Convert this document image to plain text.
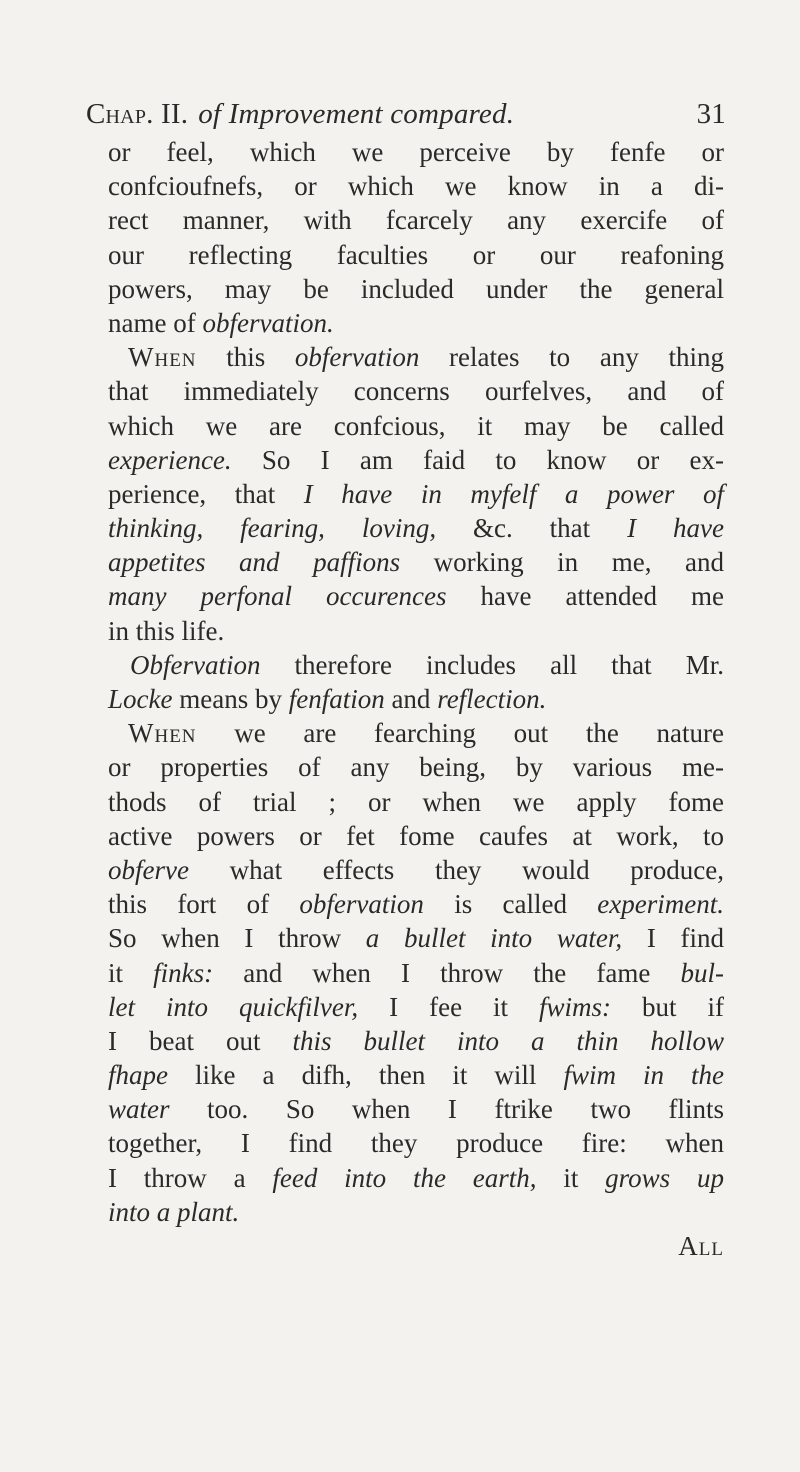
Chap. II. of Improvement compared.	31
or feel, which we perceive by fenfe or
confcioufnefs, or which we know in a di-
rect manner, with fcarcely any exercife of
our reflecting faculties or our reafoning
powers, may be included under the general
name of obfervation.
When this obfervation relates to any thing
that immediately concerns ourfelves, and of
which we are confcious, it may be called
experience. So I am faid to know or ex-
perience, that I have in myfelf a power of
thinking, fearing, loving, &c. that I have
appetites and paffions working in me, and
many perfonal occurences have attended me
in this life.
Obfervation therefore includes all that Mr.
Locke means by fenfation and reflection.
When we are fearching out the nature
or properties of any being, by various me-
thods of trial ; or when we apply fome
active powers or fet fome caufes at work, to
obferve what effects they would produce,
this fort of obfervation is called experiment.
So when I throw a bullet into water, I find
it finks: and when I throw the fame bul-
let into quickfilver, I fee it fwims: but if
I beat out this bullet into a thin hollow
fhape like a difh, then it will fwim in the
water too. So when I ftrike two flints
together, I find they produce fire: when
I throw a feed into the earth, it grows up
into a plant.
All
